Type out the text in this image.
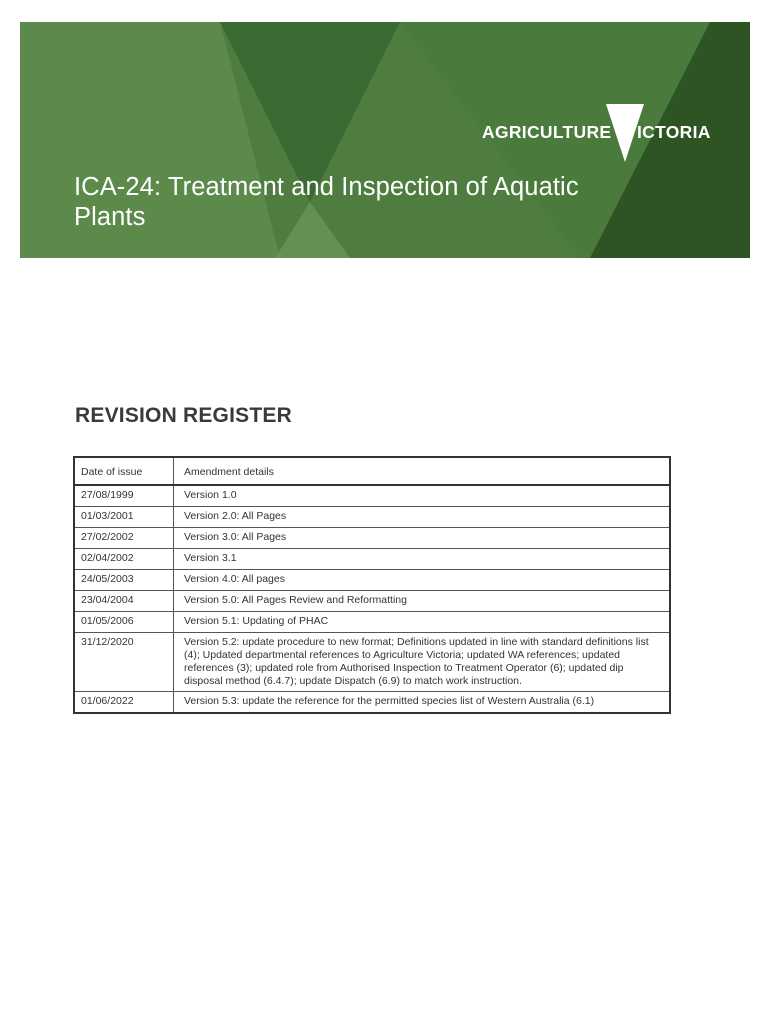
AGRICULTURE VICTORIA
ICA-24: Treatment and Inspection of Aquatic Plants
REVISION REGISTER
Date of issue	Amendment details
27/08/1999	Version 1.0
01/03/2001	Version 2.0: All Pages
27/02/2002	Version 3.0: All Pages
02/04/2002	Version 3.1
24/05/2003	Version 4.0: All pages
23/04/2004	Version 5.0: All Pages Review and Reformatting
01/05/2006	Version 5.1: Updating of PHAC
31/12/2020	Version 5.2: update procedure to new format; Definitions updated in line with standard definitions list (4); Updated departmental references to Agriculture Victoria; updated WA references; updated references (3); updated role from Authorised Inspection to Treatment Operator (6); updated dip disposal method (6.4.7); update Dispatch (6.9) to match work instruction.
01/06/2022	Version 5.3: update the reference for the permitted species list of Western Australia (6.1)
